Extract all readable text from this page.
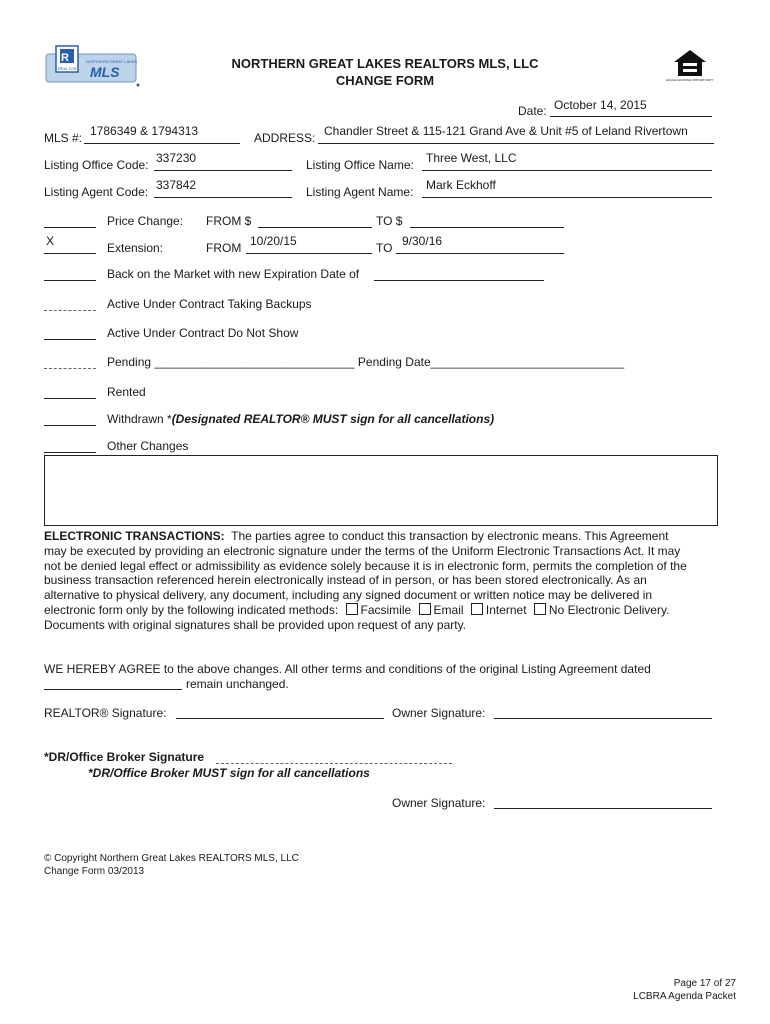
R
REALTOR
NORTHERN GREAT LAKES
MLS
NORTHERN GREAT LAKES REALTORS MLS, LLC
CHANGE FORM	EQUAL HOUSING OPPORTUNITY
Date: October 14, 2015
MLS #: 1786349 & 1794313	ADDRESS: Chandler Street & 115-121 Grand Ave & Unit #5 of Leland Rivertown
Listing Office Code: 337230	Listing Office Name: Three West, LLC
Listing Agent Code: 337842	Listing Agent Name: Mark Eckhoff
Price Change: FROM $	TO $
X	Extension:	FROM 10/20/15	TO 9/30/16
Back on the Market with new Expiration Date of
Active Under Contract Taking Backups
Active Under Contract Do Not Show
Pending ______________________________ Pending Date_____________________________
Rented
Withdrawn *(Designated REALTOR® MUST sign for all cancellations)
Other Changes
ELECTRONIC TRANSACTIONS: The parties agree to conduct this transaction by electronic means. This Agreement
may be executed by providing an electronic signature under the terms of the Uniform Electronic Transactions Act. It may
not be denied legal effect or admissibility as evidence solely because it is in electronic form, permits the completion of the
business transaction referenced herein electronically instead of in person, or has been stored electronically. As an
alternative to physical delivery, any document, including any signed document or written notice may be delivered in
electronic form only by the following indicated methods: Facsimile Email Internet No Electronic Delivery.
Documents with original signatures shall be provided upon request of any party.
WE HEREBY AGREE to the above changes. All other terms and conditions of the original Listing Agreement dated
remain unchanged.
REALTOR® Signature:	Owner Signature:
*DR/Office Broker Signature
*DR/Office Broker MUST sign for all cancellations
Owner Signature:
© Copyright Northern Great Lakes REALTORS MLS, LLC
Change Form 03/2013
Page 17 of 27
LCBRA Agenda Packet
